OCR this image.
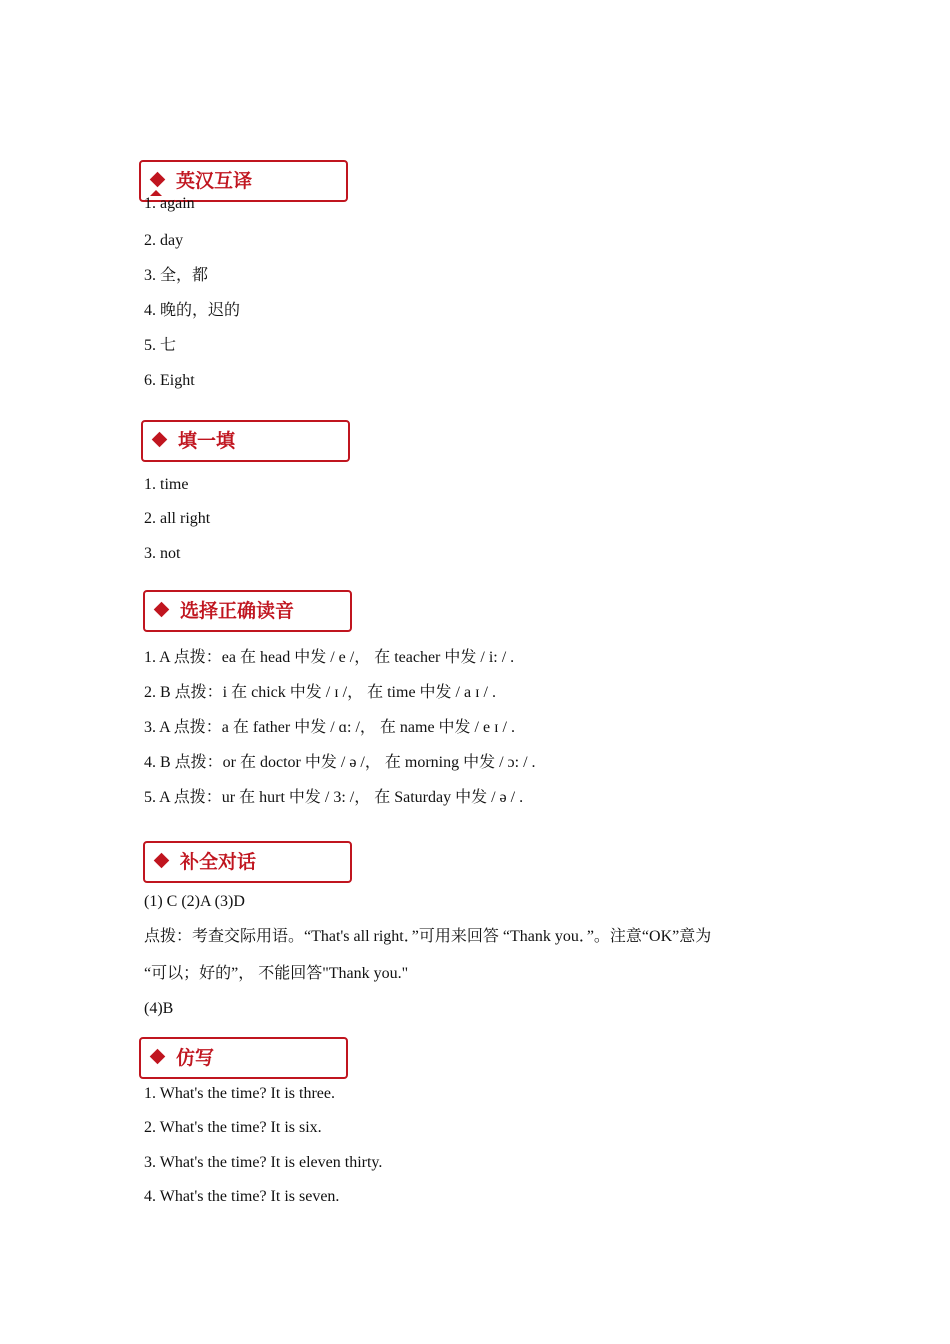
英汉互译
1. again
2. day
3. 全，都
4. 晚的，迟的
5. 七
6. Eight
填一填
1. time
2. all right
3. not
选择正确读音
1. A 点拨：ea 在 head 中发 / e /， 在 teacher 中发 / i: / .
2. B 点拨：i 在 chick 中发 / ɪ /， 在 time 中发 / a ɪ / .
3. A 点拨：a 在 father 中发 / ɑ: /， 在 name 中发 / e ɪ / .
4. B 点拨：or 在 doctor 中发 / ə /， 在 morning 中发 / ɔ: / .
5. A 点拨：ur 在 hurt 中发 / 3: /， 在 Saturday 中发 / ə / .
补全对话
(1) C (2)A (3)D
点拨：考查交际用语。“That's all right．”可用来回答 “Thank you．”。注意“OK”意为
“可以；好的”， 不能回答"Thank you."
(4)B
仿写
1. What's the time? It is three.
2. What's the time? It is six.
3. What's the time? It is eleven thirty.
4. What's the time? It is seven.
